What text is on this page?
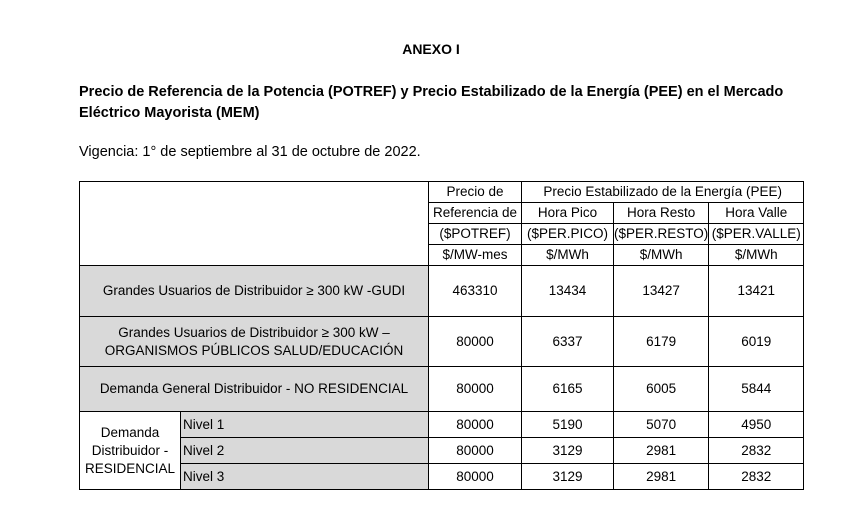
ANEXO I
Precio de Referencia de la Potencia (POTREF) y Precio Estabilizado de la Energía (PEE) en el Mercado Eléctrico Mayorista (MEM)
Vigencia: 1° de septiembre al 31 de octubre de 2022.
		Precio de	Precio Estabilizado de la Energía (PEE)		
		Referencia de	Hora Pico	Hora Resto	Hora Valle
		($POTREF)	($PER.PICO)	($PER.RESTO)	($PER.VALLE)
		$/MW-mes	$/MWh	$/MWh	$/MWh
Grandes Usuarios de Distribuidor ≥ 300 kW -GUDI		463310	13434	13427	13421

Grandes Usuarios de Distribuidor ≥ 300 kW –
ORGANISMOS PÚBLICOS SALUD/EDUCACIÓN		80000	6337	6179	6019
Demanda General Distribuidor - NO RESIDENCIAL		80000	6165	6005	5844

Demanda
Distribuidor -
RESIDENCIAL	Nivel 1	80000	5190	5070	4950
	Nivel 2	80000	3129	2981	2832
	Nivel 3	80000	3129	2981	2832
